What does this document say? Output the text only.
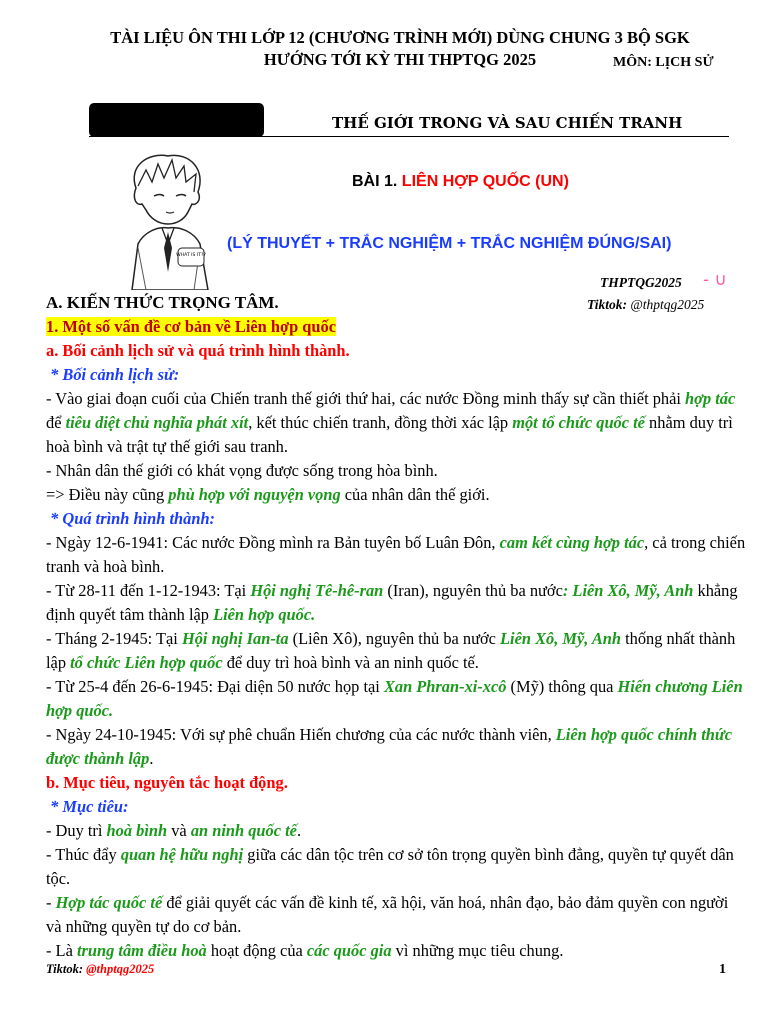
TÀI LIỆU ÔN THI LỚP 12 (CHƯƠNG TRÌNH MỚI) DÙNG CHUNG 3 BỘ SGK
HƯỚNG TỚI KỲ THI THPTQG 2025	MÔN: LỊCH SỬ
THẾ GIỚI TRONG VÀ SAU CHIẾN TRANH
WHAT IS IT??
BÀI 1. LIÊN HỢP QUỐC (UN)
(LÝ THUYẾT + TRẮC NGHIỆM + TRẮC NGHIỆM ĐÚNG/SAI)
THPTQG2025 - ∪
Tiktok: @thptqg2025

A. KIẾN THỨC TRỌNG TÂM.

1. Một số vấn đề cơ bản về Liên hợp quốc

a. Bối cảnh lịch sử và quá trình hình thành.

* Bối cảnh lịch sử:

- Vào giai đoạn cuối của Chiến tranh thế giới thứ hai, các nước Đồng minh thấy sự cần thiết phải hợp tác để tiêu diệt chủ nghĩa phát xít, kết thúc chiến tranh, đồng thời xác lập một tổ chức quốc tế nhằm duy trì hoà bình và trật tự thế giới sau tranh.

- Nhân dân thế giới có khát vọng được sống trong hòa bình.

=> Điều này cũng phù hợp với nguyện vọng của nhân dân thế giới.

* Quá trình hình thành:

- Ngày 12-6-1941: Các nước Đồng mình ra Bản tuyên bố Luân Đôn, cam kết cùng hợp tác, cả trong chiến tranh và hoà bình.

- Từ 28-11 đến 1-12-1943: Tại Hội nghị Tê-hê-ran (Iran), nguyên thủ ba nước: Liên Xô, Mỹ, Anh khẳng định quyết tâm thành lập Liên hợp quốc.

- Tháng 2-1945: Tại Hội nghị Ian-ta (Liên Xô), nguyên thủ ba nước Liên Xô, Mỹ, Anh thống nhất thành lập tổ chức Liên hợp quốc để duy trì hoà bình và an ninh quốc tế.

- Từ 25-4 đến 26-6-1945: Đại diện 50 nước họp tại Xan Phran-xi-xcô (Mỹ) thông qua Hiến chương Liên hợp quốc.

- Ngày 24-10-1945: Với sự phê chuẩn Hiến chương của các nước thành viên, Liên hợp quốc chính thức được thành lập.

b. Mục tiêu, nguyên tắc hoạt động.

* Mục tiêu:

- Duy trì hoà bình và an ninh quốc tế.

- Thúc đẩy quan hệ hữu nghị giữa các dân tộc trên cơ sở tôn trọng quyền bình đẳng, quyền tự quyết dân tộc.

- Hợp tác quốc tế để giải quyết các vấn đề kinh tế, xã hội, văn hoá, nhân đạo, bảo đảm quyền con người và những quyền tự do cơ bản.

- Là trung tâm điều hoà hoạt động của các quốc gia vì những mục tiêu chung.

Tiktok: @thptqg2025	1
